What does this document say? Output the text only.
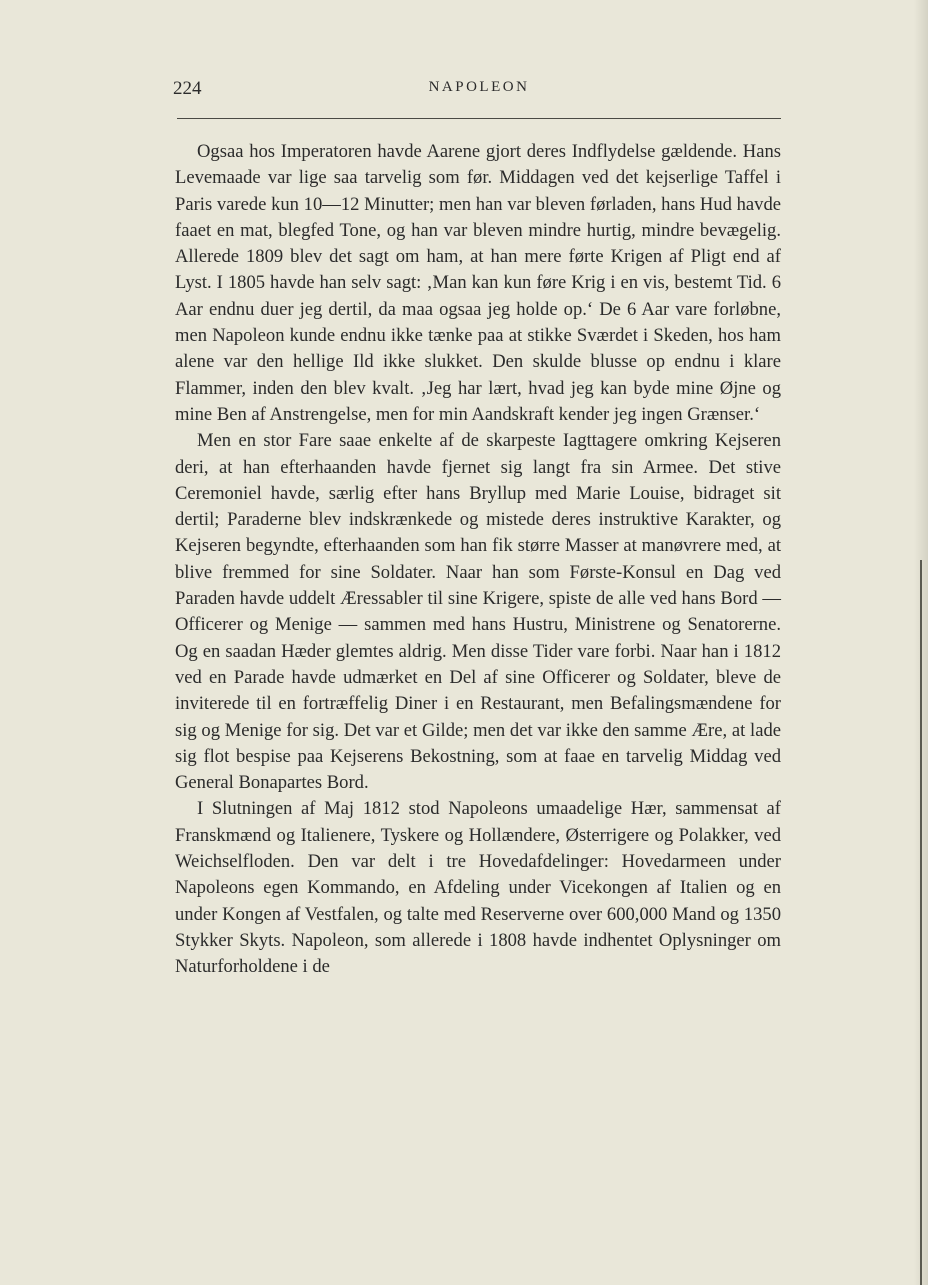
224	NAPOLEON

Ogsaa hos Imperatoren havde Aarene gjort deres Indflydelse gældende. Hans Levemaade var lige saa tarvelig som før. Middagen ved det kejserlige Taffel i Paris varede kun 10—12 Minutter; men han var bleven førladen, hans Hud havde faaet en mat, blegfed Tone, og han var bleven mindre hurtig, mindre bevægelig. Allerede 1809 blev det sagt om ham, at han mere førte Krigen af Pligt end af Lyst. I 1805 havde han selv sagt: ‚Man kan kun føre Krig i en vis, bestemt Tid. 6 Aar endnu duer jeg dertil, da maa ogsaa jeg holde op.‘ De 6 Aar vare forløbne, men Napoleon kunde endnu ikke tænke paa at stikke Sværdet i Skeden, hos ham alene var den hellige Ild ikke slukket. Den skulde blusse op endnu i klare Flammer, inden den blev kvalt. ‚Jeg har lært, hvad jeg kan byde mine Øjne og mine Ben af Anstrengelse, men for min Aandskraft kender jeg ingen Grænser.‘

Men en stor Fare saae enkelte af de skarpeste Iagttagere omkring Kejseren deri, at han efterhaanden havde fjernet sig langt fra sin Armee. Det stive Ceremoniel havde, særlig efter hans Bryllup med Marie Louise, bidraget sit dertil; Paraderne blev indskrænkede og mistede deres instruktive Karakter, og Kejseren begyndte, efterhaanden som han fik større Masser at manøvrere med, at blive fremmed for sine Soldater. Naar han som Første-Konsul en Dag ved Paraden havde uddelt Æressabler til sine Krigere, spiste de alle ved hans Bord — Officerer og Menige — sammen med hans Hustru, Ministrene og Senatorerne. Og en saadan Hæder glemtes aldrig. Men disse Tider vare forbi. Naar han i 1812 ved en Parade havde udmærket en Del af sine Officerer og Soldater, bleve de inviterede til en fortræffelig Diner i en Restaurant, men Befalingsmændene for sig og Menige for sig. Det var et Gilde; men det var ikke den samme Ære, at lade sig flot bespise paa Kejserens Bekostning, som at faae en tarvelig Middag ved General Bonapartes Bord.

I Slutningen af Maj 1812 stod Napoleons umaadelige Hær, sammensat af Franskmænd og Italienere, Tyskere og Hollændere, Østerrigere og Polakker, ved Weichselfloden. Den var delt i tre Hovedafdelinger: Hovedarmeen under Napoleons egen Kommando, en Afdeling under Vicekongen af Italien og en under Kongen af Vestfalen, og talte med Reserverne over 600,000 Mand og 1350 Stykker Skyts. Napoleon, som allerede i 1808 havde indhentet Oplysninger om Naturforholdene i de
